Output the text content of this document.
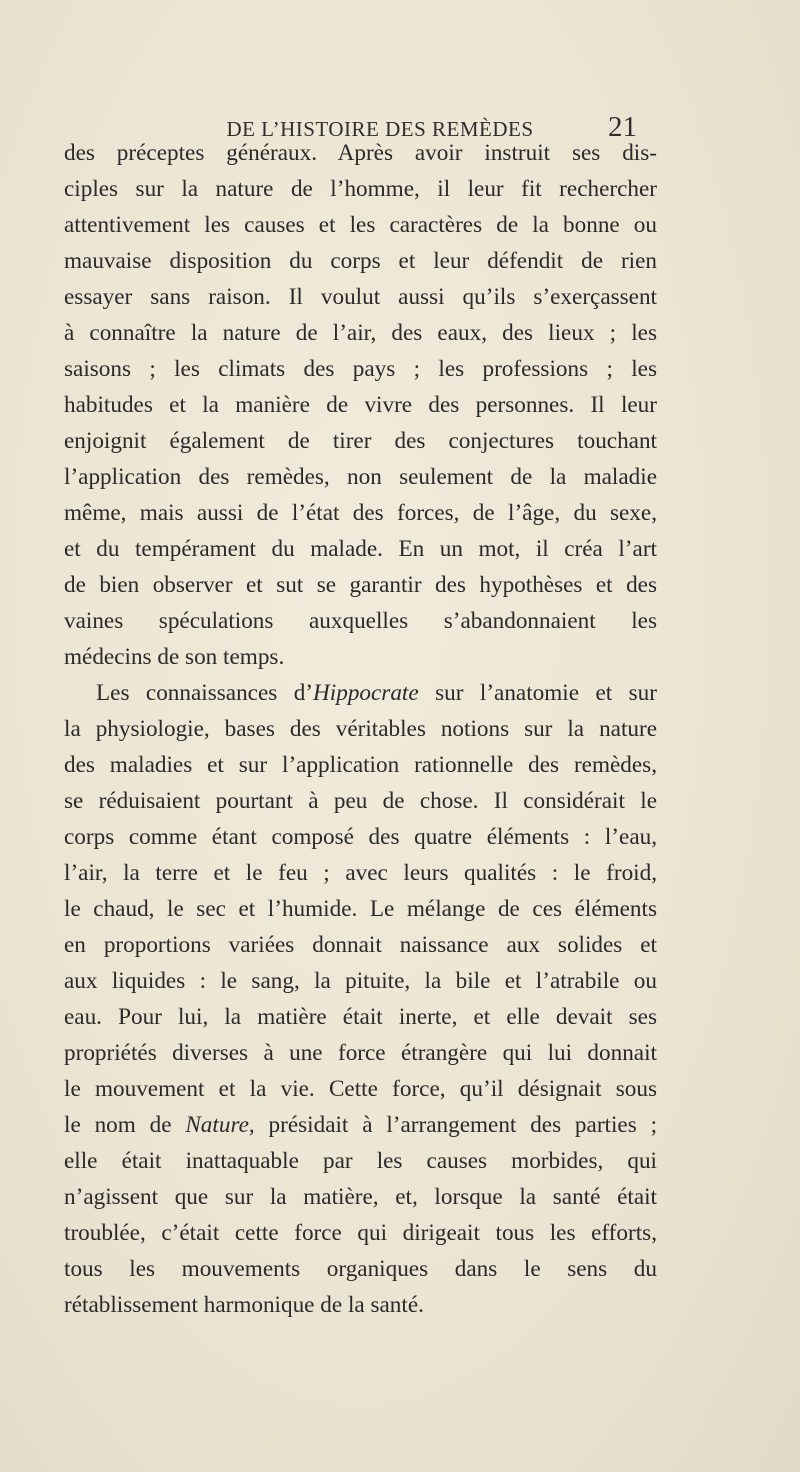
DE L’HISTOIRE DES REMÈDES	21
des préceptes généraux. Après avoir instruit ses dis-
ciples sur la nature de l’homme, il leur fit rechercher
attentivement les causes et les caractères de la bonne ou
mauvaise disposition du corps et leur défendit de rien
essayer sans raison. Il voulut aussi qu’ils s’exerçassent
à connaître la nature de l’air, des eaux, des lieux ; les
saisons ; les climats des pays ; les professions ; les
habitudes et la manière de vivre des personnes. Il leur
enjoignit également de tirer des conjectures touchant
l’application des remèdes, non seulement de la maladie
même, mais aussi de l’état des forces, de l’âge, du sexe,
et du tempérament du malade. En un mot, il créa l’art
de bien observer et sut se garantir des hypothèses et des
vaines spéculations auxquelles s’abandonnaient les
médecins de son temps.
Les connaissances d’Hippocrate sur l’anatomie et sur
la physiologie, bases des véritables notions sur la nature
des maladies et sur l’application rationnelle des remèdes,
se réduisaient pourtant à peu de chose. Il considérait le
corps comme étant composé des quatre éléments : l’eau,
l’air, la terre et le feu ; avec leurs qualités : le froid,
le chaud, le sec et l’humide. Le mélange de ces éléments
en proportions variées donnait naissance aux solides et
aux liquides : le sang, la pituite, la bile et l’atrabile ou
eau. Pour lui, la matière était inerte, et elle devait ses
propriétés diverses à une force étrangère qui lui donnait
le mouvement et la vie. Cette force, qu’il désignait sous
le nom de Nature, présidait à l’arrangement des parties ;
elle était inattaquable par les causes morbides, qui
n’agissent que sur la matière, et, lorsque la santé était
troublée, c’était cette force qui dirigeait tous les efforts,
tous les mouvements organiques dans le sens du
rétablissement harmonique de la santé.
